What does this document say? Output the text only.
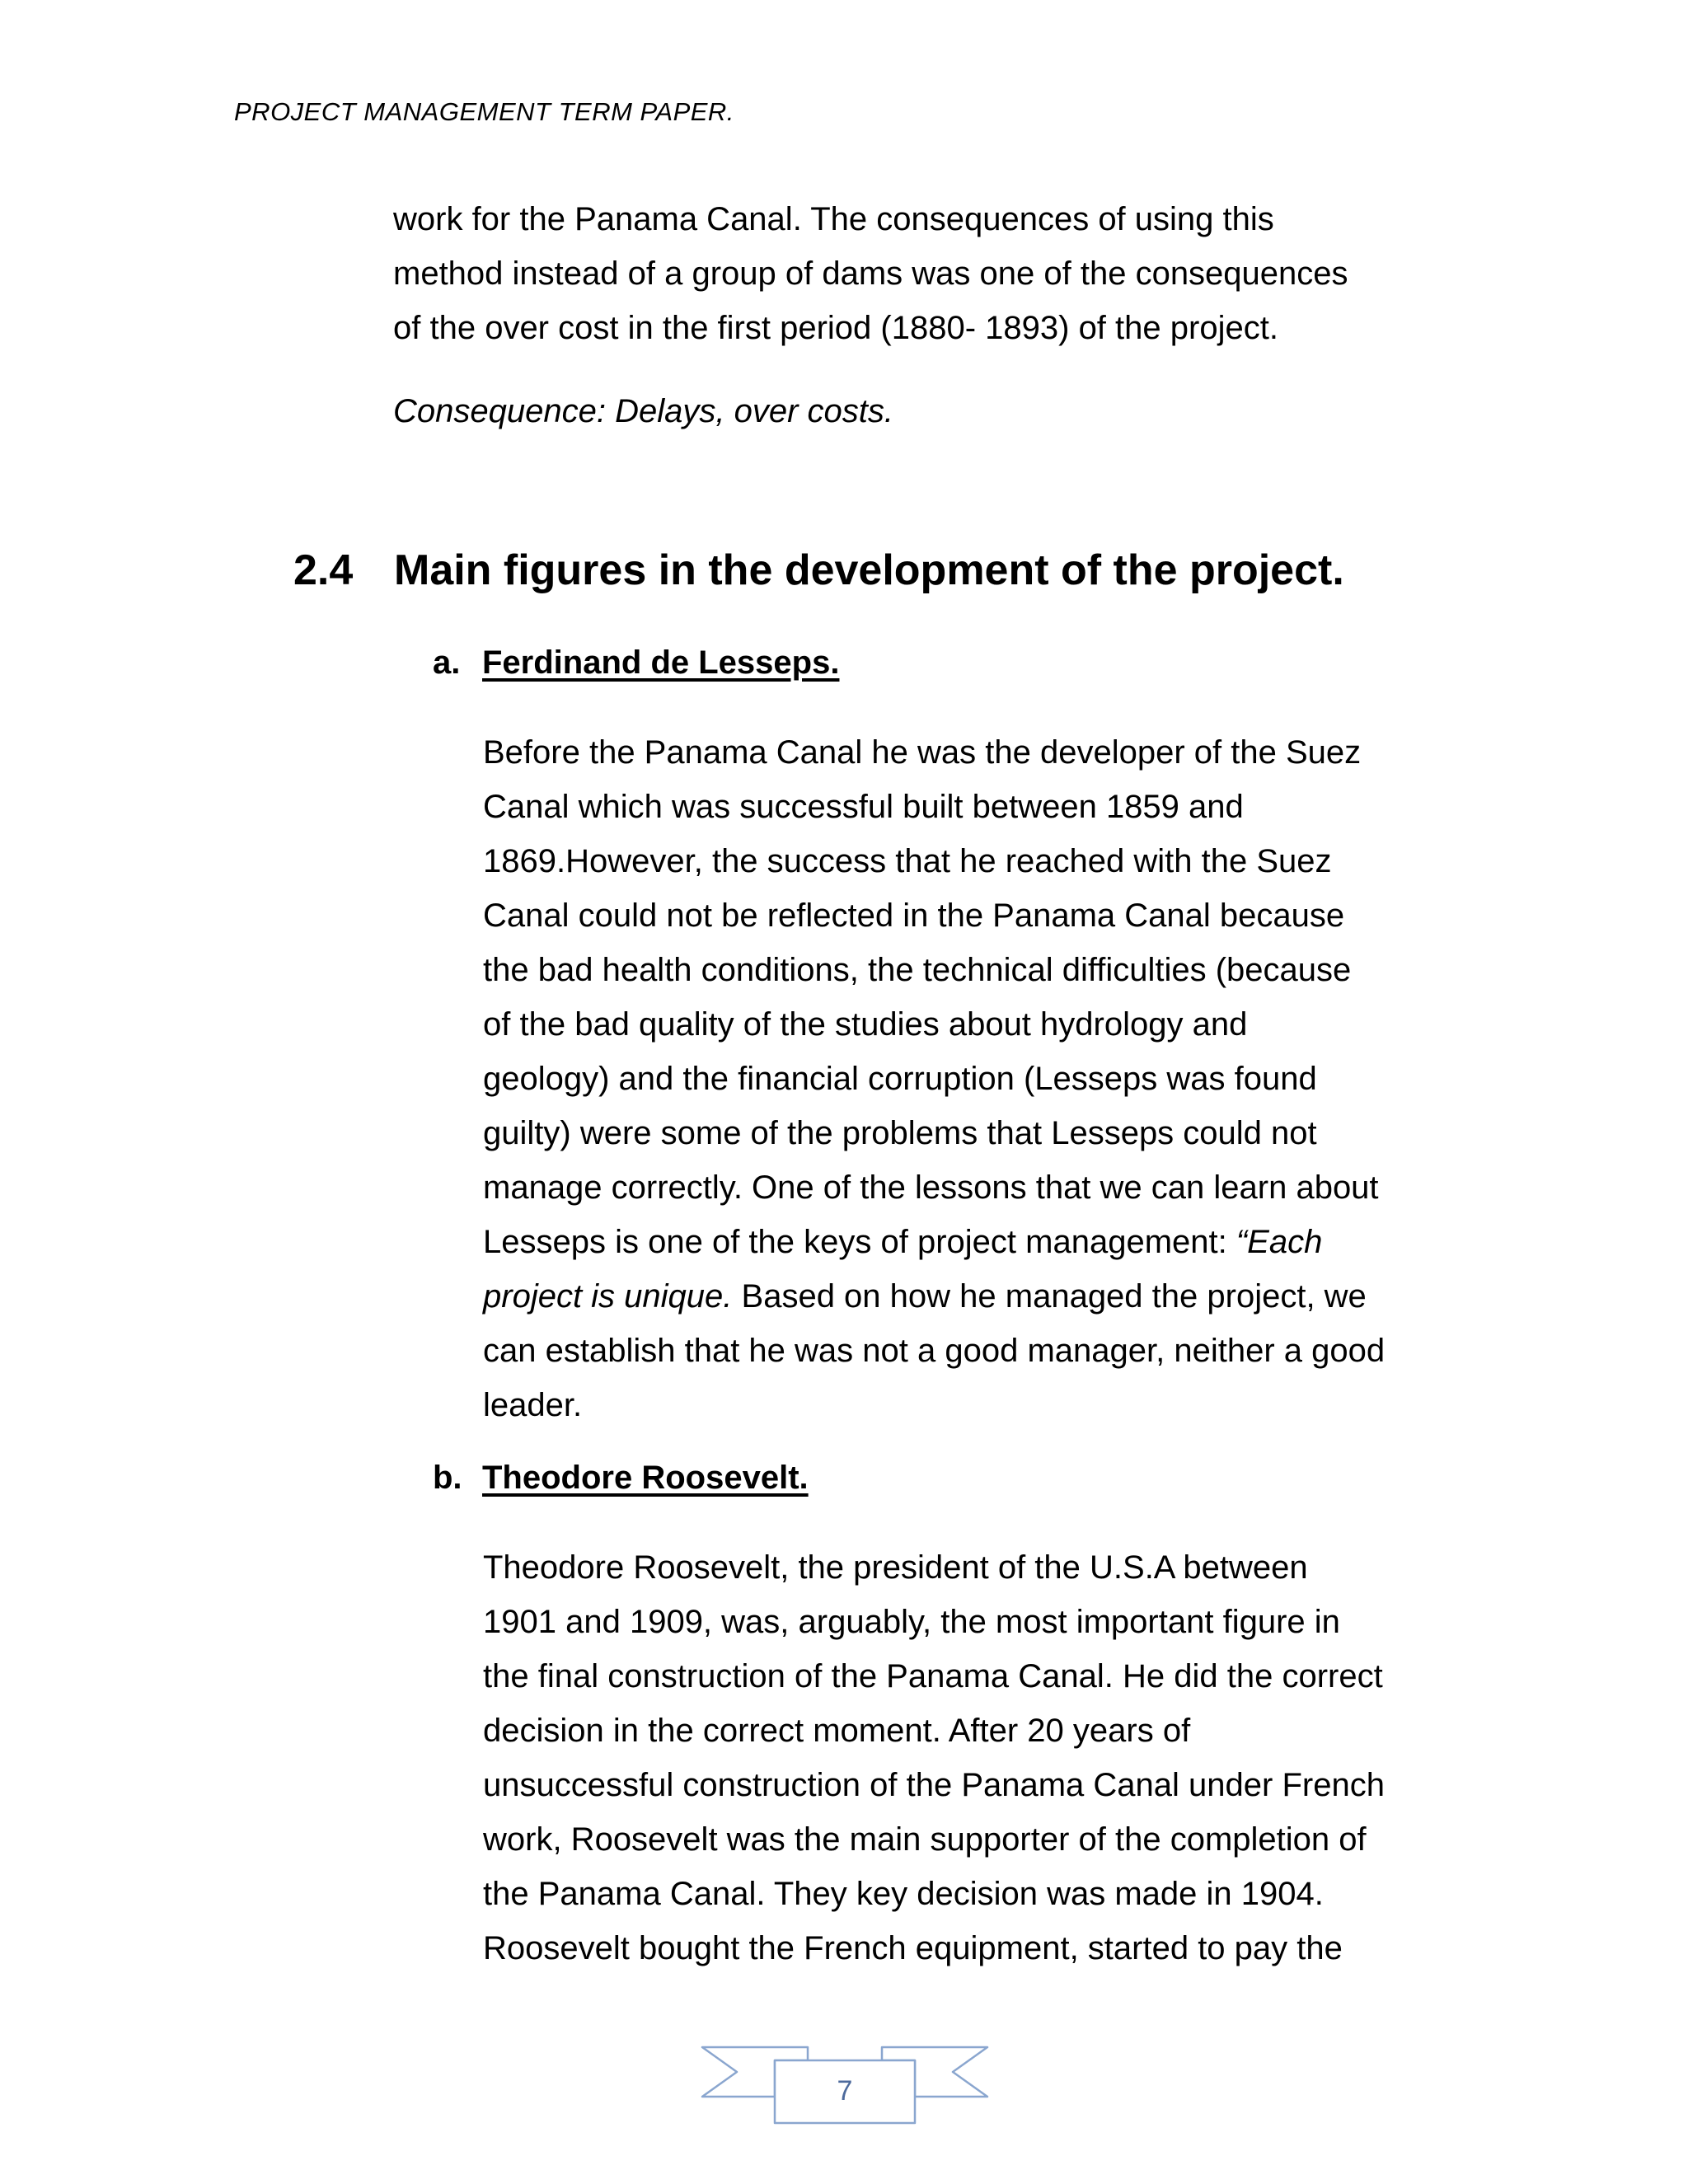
PROJECT MANAGEMENT TERM PAPER.

work for the Panama Canal. The consequences of using this
method instead of a group of dams was one of the consequences
of the over cost in the first period (1880- 1893) of the project.

Consequence: Delays, over costs.

2.4 Main figures in the development of the project.
a. Ferdinand de Lesseps.

Before the Panama Canal he was the developer of the Suez
Canal which was successful built between 1859 and
1869.However, the success that he reached with the Suez
Canal could not be reflected in the Panama Canal because
the bad health conditions, the technical difficulties (because
of the bad quality of the studies about hydrology and
geology) and the financial corruption (Lesseps was found
guilty) were some of the problems that Lesseps could not
manage correctly. One of the lessons that we can learn about
Lesseps is one of the keys of project management: “Each
project is unique. Based on how he managed the project, we
can establish that he was not a good manager, neither a good
leader.

b. Theodore Roosevelt.

Theodore Roosevelt, the president of the U.S.A between
1901 and 1909, was, arguably, the most important figure in
the final construction of the Panama Canal. He did the correct
decision in the correct moment. After 20 years of
unsuccessful construction of the Panama Canal under French
work, Roosevelt was the main supporter of the completion of
the Panama Canal. They key decision was made in 1904.
Roosevelt bought the French equipment, started to pay the

7
